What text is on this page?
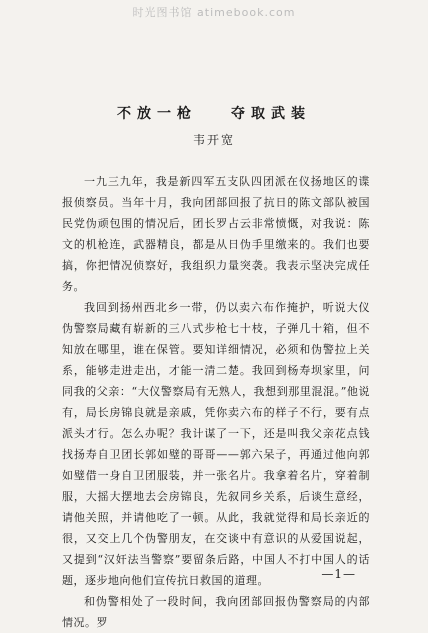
时光图书馆 atimebook.com
不放一枪 夺取武装
韦开宽

一九三九年，我是新四军五支队四团派在仪扬地区的谍报侦察员。当年十月，我向团部回报了抗日的陈文部队被国民党伪顽包围的情况后，团长罗占云非常愤慨，对我说：陈文的机枪连，武器精良，都是从日伪手里缴来的。我们也要搞，你把情况侦察好，我组织力量突袭。我表示坚决完成任务。

我回到扬州西北乡一带，仍以卖六布作掩护，听说大仪伪警察局藏有崭新的三八式步枪七十枝，子弹几十箱，但不知放在哪里，谁在保管。要知详细情况，必须和伪警拉上关系，能够走进走出，才能一清二楚。我回到杨寿坝家里，问同我的父亲：“大仪警察局有无熟人，我想到那里混混。”他说有，局长房锦良就是亲戚，凭你卖六布的样子不行，要有点派头才行。怎么办呢？我计谋了一下，还是叫我父亲花点钱找扬寿自卫团长郭如璧的哥哥——郭六呆子，再通过他向郭如璧借一身自卫团服装，并一张名片。我拿着名片，穿着制服，大摇大摆地去会房锦良，先叙同乡关系，后谈生意经，请他关照，并请他吃了一顿。从此，我就觉得和局长亲近的很，又交上几个伪警朋友，在交谈中有意识的从爱国说起，又提到“汉奸法当警察”要留条后路，中国人不打中国人的话题，逐步地向他们宣传抗日救国的道理。

和伪警相处了一段时间，我向团部回报伪警察局的内部情况。罗

—1—
